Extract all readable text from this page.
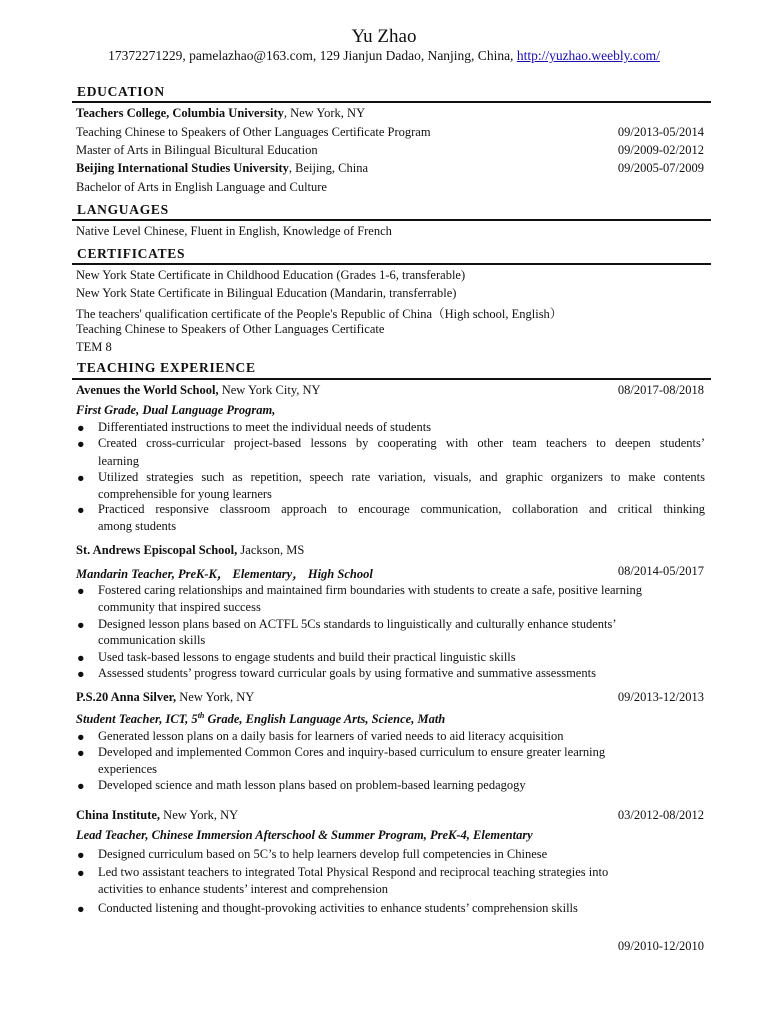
Yu Zhao
17372271229, pamelazhao@163.com, 129 Jianjun Dadao, Nanjing, China, http://yuzhao.weebly.com/
EDUCATION
Teachers College, Columbia University, New York, NY
Teaching Chinese to Speakers of Other Languages Certificate Program	09/2013-05/2014
Master of Arts in Bilingual Bicultural Education	09/2009-02/2012
Beijing International Studies University, Beijing, China	09/2005-07/2009
Bachelor of Arts in English Language and Culture
LANGUAGES
Native Level Chinese, Fluent in English, Knowledge of French
CERTIFICATES
New York State Certificate in Childhood Education (Grades 1-6, transferable)
New York State Certificate in Bilingual Education (Mandarin, transferrable)
The teachers' qualification certificate of the People's Republic of China（High school, English）
Teaching Chinese to Speakers of Other Languages Certificate
TEM 8
TEACHING EXPERIENCE
Avenues the World School, New York City, NY	08/2017-08/2018
First Grade, Dual Language Program,
● Differentiated instructions to meet the individual needs of students
● Created cross-curricular project-based lessons by cooperating with other team teachers to deepen students’
learning
● Utilized strategies such as repetition, speech rate variation, visuals, and graphic organizers to make contents
comprehensible for young learners
● Practiced responsive classroom approach to encourage communication, collaboration and critical thinking
among students
St. Andrews Episcopal School, Jackson, MS
Mandarin Teacher, PreK-K， Elementary， High School	08/2014-05/2017
● Fostered caring relationships and maintained firm boundaries with students to create a safe, positive learning
community that inspired success
● Designed lesson plans based on ACTFL 5Cs standards to linguistically and culturally enhance students’
communication skills
● Used task-based lessons to engage students and build their practical linguistic skills
● Assessed students’ progress toward curricular goals by using formative and summative assessments
P.S.20 Anna Silver, New York, NY	09/2013-12/2013
Student Teacher, ICT, 5th Grade, English Language Arts, Science, Math
● Generated lesson plans on a daily basis for learners of varied needs to aid literacy acquisition
● Developed and implemented Common Cores and inquiry-based curriculum to ensure greater learning
experiences
● Developed science and math lesson plans based on problem-based learning pedagogy
China Institute, New York, NY	03/2012-08/2012
Lead Teacher, Chinese Immersion Afterschool & Summer Program, PreK-4, Elementary
● Designed curriculum based on 5C’s to help learners develop full competencies in Chinese
● Led two assistant teachers to integrated Total Physical Respond and reciprocal teaching strategies into
activities to enhance students’ interest and comprehension
● Conducted listening and thought-provoking activities to enhance students’ comprehension skills
09/2010-12/2010
